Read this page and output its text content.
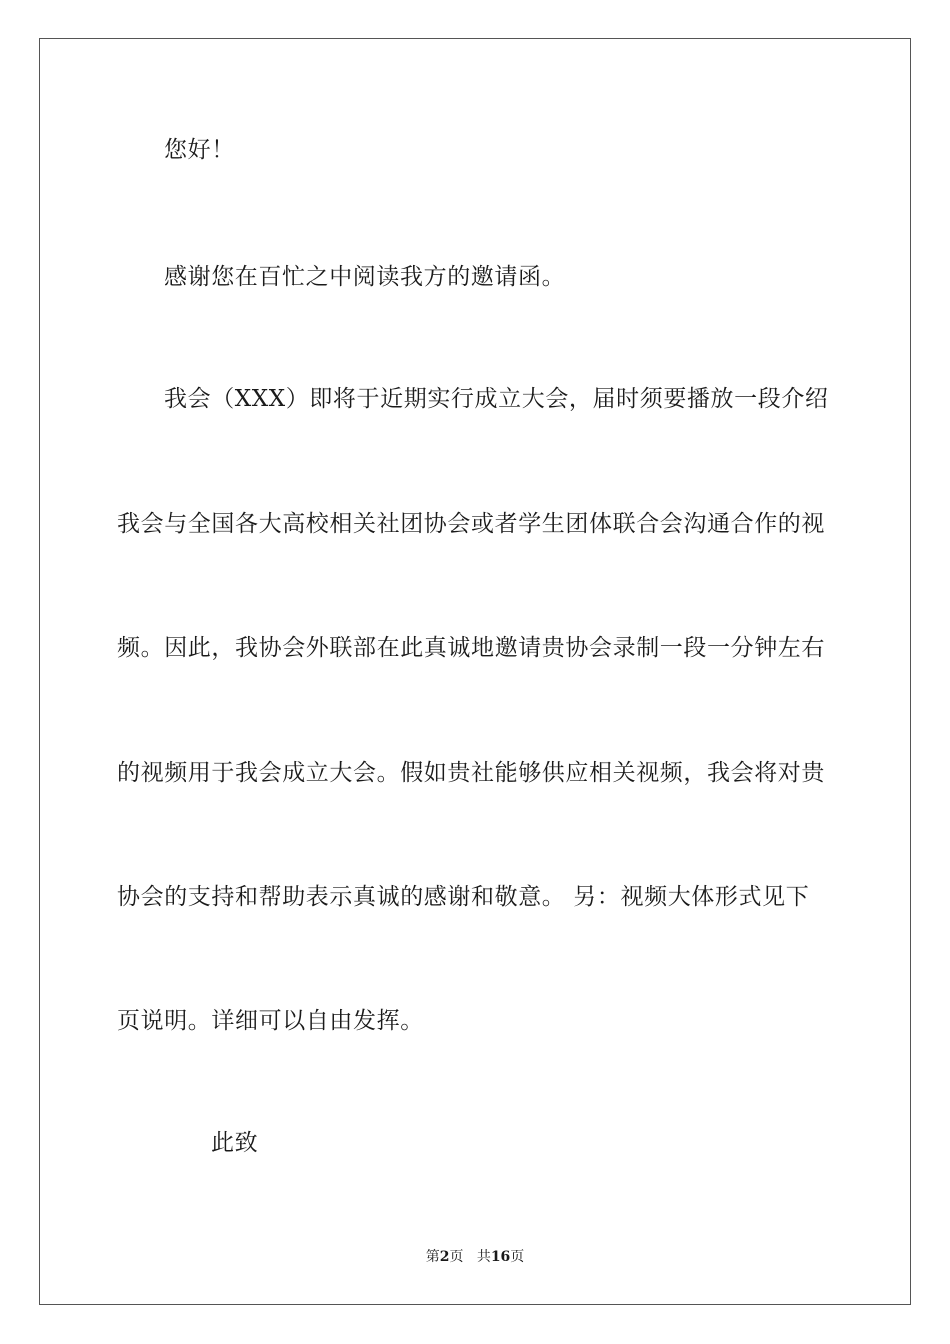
您好！
感谢您在百忙之中阅读我方的邀请函。
我会（XXX）即将于近期实行成立大会，届时须要播放一段介绍
我会与全国各大高校相关社团协会或者学生团体联合会沟通合作的视
频。因此，我协会外联部在此真诚地邀请贵协会录制一段一分钟左右
的视频用于我会成立大会。假如贵社能够供应相关视频，我会将对贵
协会的支持和帮助表示真诚的感谢和敬意。 另：视频大体形式见下
页说明。详细可以自由发挥。
此致
第2页 共16页
